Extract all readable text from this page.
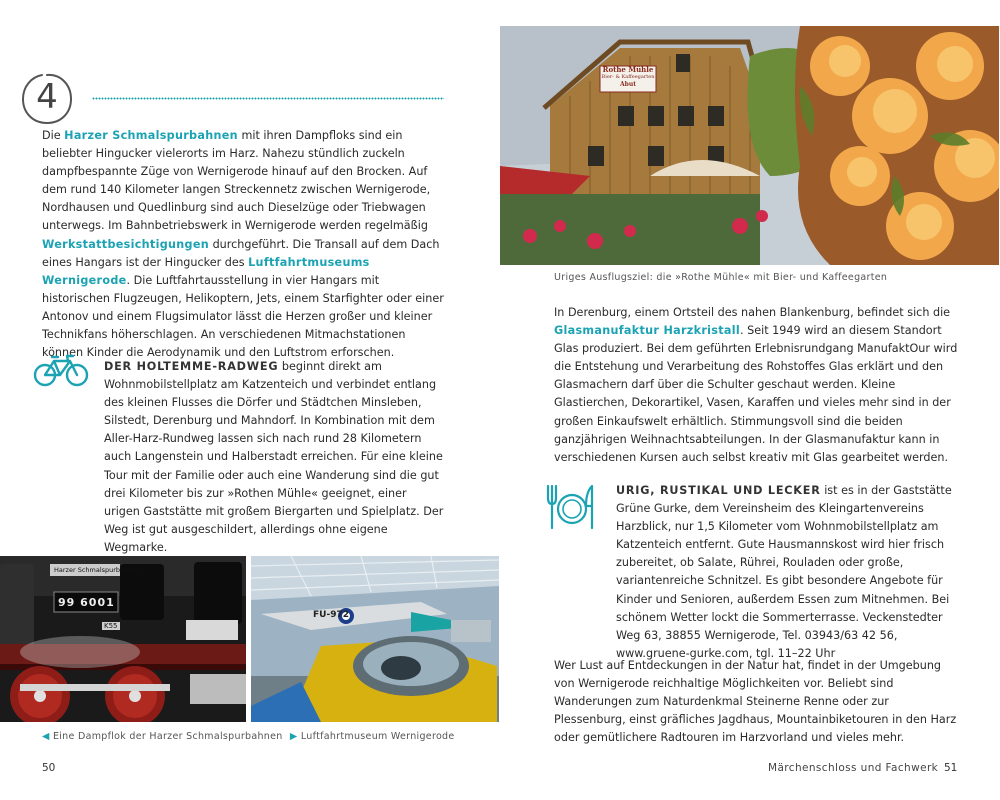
4

Die Harzer Schmalspurbahnen mit ihren Dampfloks sind ein beliebter Hingucker vielerorts im Harz. Nahezu stündlich zuckeln dampfbespannte Züge von Wernigerode hinauf auf den Brocken. Auf dem rund 140 Kilometer langen Streckennetz zwischen Wernigerode, Nordhausen und Quedlinburg sind auch Dieselzüge oder Triebwagen unterwegs. Im Bahnbetriebswerk in Wernigerode werden regelmäßig Werkstattbesichtigungen durchgeführt. Die Transall auf dem Dach eines Hangars ist der Hingucker des Luftfahrtmuseums Wernigerode. Die Luftfahrtausstellung in vier Hangars mit historischen Flugzeugen, Helikoptern, Jets, einem Starfighter oder einer Antonov und einem Flugsimulator lässt die Herzen großer und kleiner Technikfans höherschlagen. An verschiedenen Mitmachstationen können Kinder die Aerodynamik und den Luftstrom erforschen.

DER HOLTEMME-RADWEG beginnt direkt am Wohnmobilstellplatz am Katzenteich und verbindet entlang des kleinen Flusses die Dörfer und Städtchen Minsleben, Silstedt, Derenburg und Mahndorf. In Kombination mit dem Aller-Harz-Rundweg lassen sich nach rund 28 Kilometern auch Langenstein und Halberstadt erreichen. Für eine kleine Tour mit der Familie oder auch eine Wanderung sind die gut drei Kilometer bis zur »Rothen Mühle« geeignet, einer urigen Gaststätte mit großem Biergarten und Spielplatz. Der Weg ist gut ausgeschildert, allerdings ohne eigene Wegmarke.

Harzer Schmalspurbahnen
99 6001
K55
FU-972
◀ Eine Dampflok der Harzer Schmalspurbahnen ▶ Luftfahrtmuseum Wernigerode
50
Rothe Mühle
Bier- & Kaffeegarten
Abut
Uriges Ausflugsziel: die »Rothe Mühle« mit Bier- und Kaffeegarten

In Derenburg, einem Ortsteil des nahen Blankenburg, befindet sich die Glasmanufaktur Harzkristall. Seit 1949 wird an diesem Standort Glas produziert. Bei dem geführten Erlebnisrundgang ManufaktOur wird die Entstehung und Verarbeitung des Rohstoffes Glas erklärt und den Glasmachern darf über die Schulter geschaut werden. Kleine Glastierchen, Dekorartikel, Vasen, Karaffen und vieles mehr sind in der großen Einkaufswelt erhältlich. Stimmungsvoll sind die beiden ganzjährigen Weihnachtsabteilungen. In der Glasmanufaktur kann in verschiedenen Kursen auch selbst kreativ mit Glas gearbeitet werden.

URIG, RUSTIKAL UND LECKER ist es in der Gaststätte Grüne Gurke, dem Vereinsheim des Kleingartenvereins Harzblick, nur 1,5 Kilometer vom Wohnmobilstellplatz am Katzenteich entfernt. Gute Hausmannskost wird hier frisch zubereitet, ob Salate, Rührei, Rouladen oder große, variantenreiche Schnitzel. Es gibt besondere Angebote für Kinder und Senioren, außerdem Essen zum Mitnehmen. Bei schönem Wetter lockt die Sommerterrasse. Veckenstedter Weg 63, 38855 Wernigerode, Tel. 03943/63 42 56, www.gruene-gurke.com, tgl. 11–22 Uhr

Wer Lust auf Entdeckungen in der Natur hat, findet in der Umgebung von Wernigerode reichhaltige Möglichkeiten vor. Beliebt sind Wanderungen zum Naturdenkmal Steinerne Renne oder zur Plessenburg, einst gräfliches Jagdhaus, Mountainbiketouren in den Harz oder gemütlichere Radtouren im Harzvorland und vieles mehr.

Märchenschloss und Fachwerk 51
